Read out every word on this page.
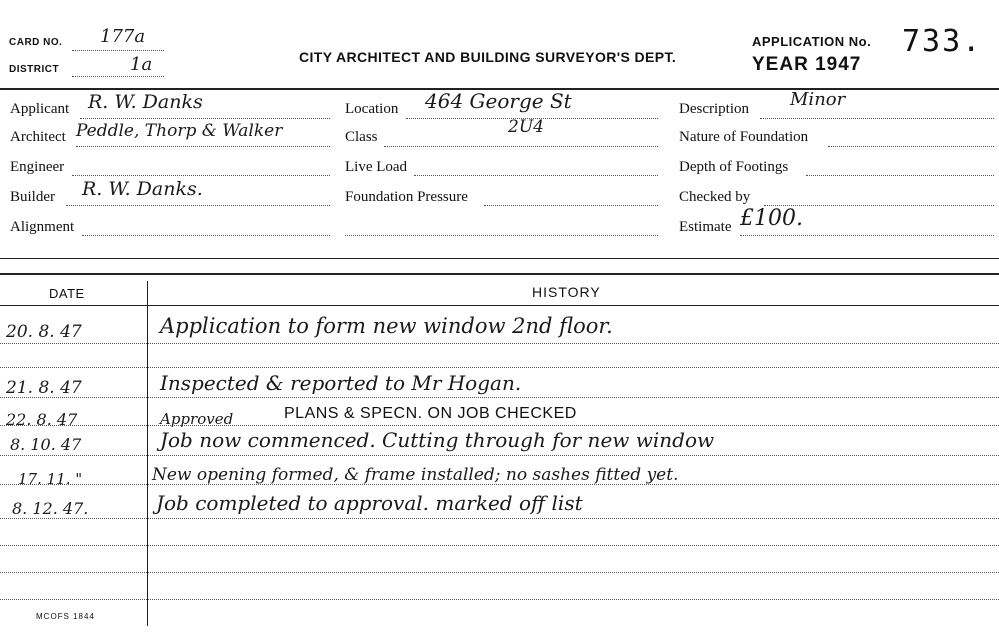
CARD NO. 177a
DISTRICT	1a	CITY ARCHITECT AND BUILDING SURVEYOR'S DEPT.
APPLICATION No. 733.
YEAR 1947
Applicant R. W. Danks
Architect Peddle, Thorp & Walker
Engineer
Builder R. W. Danks.
Alignment
Location 464 George St
Class	2U4
Live Load
Foundation Pressure
Description Minor
Nature of Foundation
Depth of Footings
Checked by
Estimate £100.
DATE	HISTORY
20. 8. 47	Application to form new window 2nd floor.
21. 8. 47	Inspected & reported to Mr Hogan.
22. 8. 47	Approved	PLANS & SPECN. ON JOB CHECKED
8. 10. 47	Job now commenced. Cutting through for new window
17. 11. "	New opening formed, & frame installed; no sashes fitted yet.
8. 12. 47.	Job completed to approval. marked off list
MCOFS 1844
